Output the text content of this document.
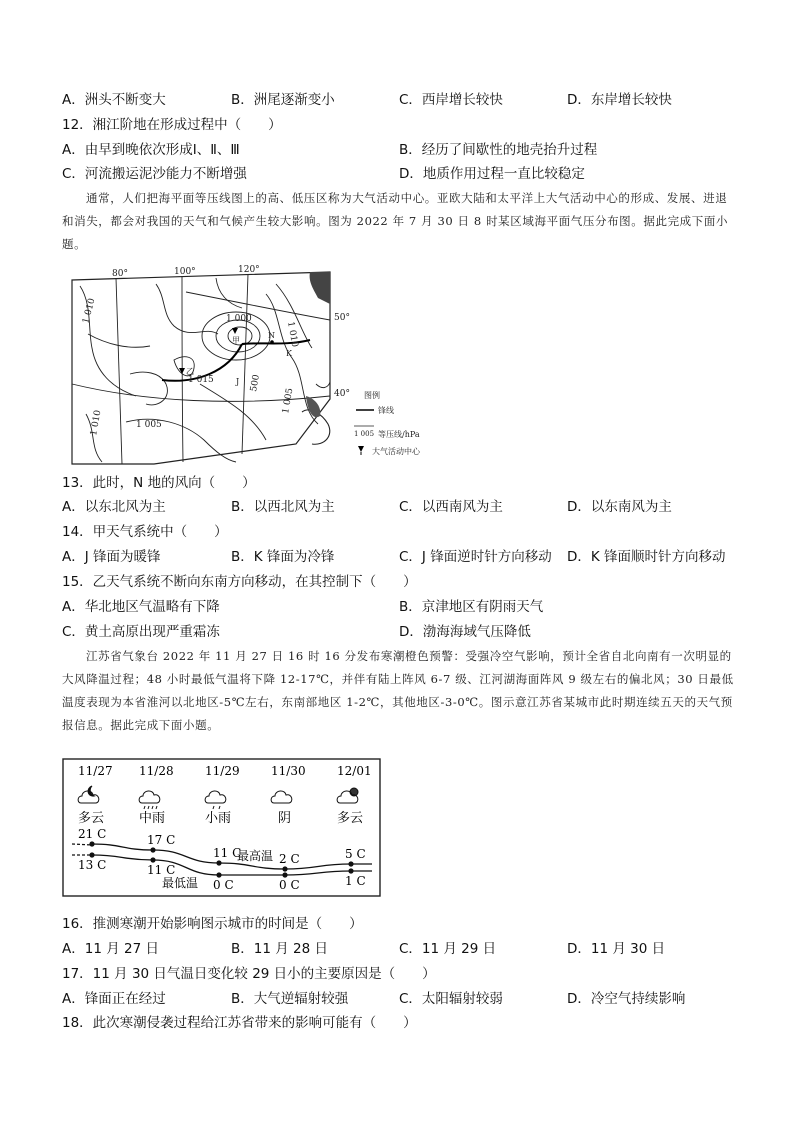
A．洲头不断变大	B．洲尾逐渐变小	C．西岸增长较快	D．东岸增长较快
12．湘江阶地在形成过程中（　　）
A．由早到晚依次形成Ⅰ、Ⅱ、Ⅲ	B．经历了间歇性的地壳抬升过程
C．河流搬运泥沙能力不断增强	D．地质作用过程一直比较稳定
通常，人们把海平面等压线图上的高、低压区称为大气活动中心。亚欧大陆和太平洋上大气活动中心的形成、发展、进退和消失，都会对我国的天气和气候产生较大影响。图为 2022 年 7 月 30 日 8 时某区域海平面气压分布图。据此完成下面小题。
80°	100°	120°
50°
40°
1 010	1 000
1 010
1 015
1 005
1 010
1 005
500
甲
乙
N
K
J
图例
锋线
1 005 等压线/hPa
大气活动中心
13．此时，N 地的风向（　　）
A．以东北风为主	B．以西北风为主	C．以西南风为主	D．以东南风为主
14．甲天气系统中（　　）
A．J 锋面为暖锋	B．K 锋面为冷锋	C．J 锋面逆时针方向移动 D．K 锋面顺时针方向移动
15．乙天气系统不断向东南方向移动，在其控制下（　　）
A．华北地区气温略有下降	B．京津地区有阴雨天气
C．黄土高原出现严重霜冻	D．渤海海域气压降低
江苏省气象台 2022 年 11 月 27 日 16 时 16 分发布寒潮橙色预警：受强冷空气影响，预计全省自北向南有一次明显的大风降温过程；48 小时最低气温将下降 12-17℃，并伴有陆上阵风 6-7 级、江河湖海面阵风 9 级左右的偏北风；30 日最低温度表现为本省淮河以北地区-5℃左右，东南部地区 1-2℃，其他地区-3-0℃。图示意江苏省某城市此时期连续五天的天气预报信息。据此完成下面小题。
11/27
多云
21 C
13 C
11/28
中雨
17 C
11 C
11/29
小雨
11 C
0 C
11/30
阴
2 C
0 C
12/01
多云
5 C
1 C
最高温
最低温
16．推测寒潮开始影响图示城市的时间是（　　）
A．11 月 27 日	B．11 月 28 日	C．11 月 29 日	D．11 月 30 日
17．11 月 30 日气温日变化较 29 日小的主要原因是（　　）
A．锋面正在经过	B．大气逆辐射较强	C．太阳辐射较弱	D．冷空气持续影响
18．此次寒潮侵袭过程给江苏省带来的影响可能有（　　）
